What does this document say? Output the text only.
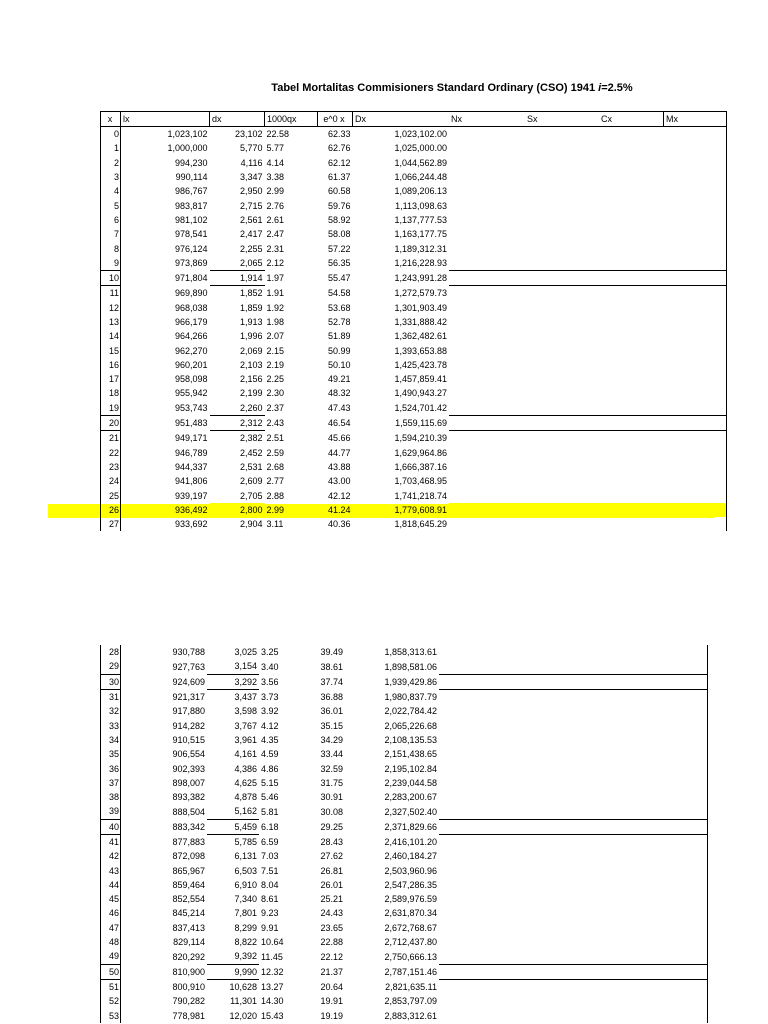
Tabel Mortalitas Commisioners Standard Ordinary (CSO) 1941 i=2.5%
x	lx	dx	1000qx	e^0 x	Dx	Nx	Sx	Cx	Mx
0	1,023,102	23,102	22.58	62.33	1,023,102.00				
1	1,000,000	5,770	5.77	62.76	1,025,000.00				
2	994,230	4,116	4.14	62.12	1,044,562.89				
3	990,114	3,347	3.38	61.37	1,066,244.48				
4	986,767	2,950	2.99	60.58	1,089,206.13				
5	983,817	2,715	2.76	59.76	1,113,098.63				
6	981,102	2,561	2.61	58.92	1,137,777.53				
7	978,541	2,417	2.47	58.08	1,163,177.75				
8	976,124	2,255	2.31	57.22	1,189,312.31				
9	973,869	2,065	2.12	56.35	1,216,228.93				
10	971,804	1,914	1.97	55.47	1,243,991.28				
11	969,890	1,852	1.91	54.58	1,272,579.73				
12	968,038	1,859	1.92	53.68	1,301,903.49				
13	966,179	1,913	1.98	52.78	1,331,888.42				
14	964,266	1,996	2.07	51.89	1,362,482.61				
15	962,270	2,069	2.15	50.99	1,393,653.88				
16	960,201	2,103	2.19	50.10	1,425,423.78				
17	958,098	2,156	2.25	49.21	1,457,859.41				
18	955,942	2,199	2.30	48.32	1,490,943.27				
19	953,743	2,260	2.37	47.43	1,524,701.42				
20	951,483	2,312	2.43	46.54	1,559,115.69				
21	949,171	2,382	2.51	45.66	1,594,210.39				
22	946,789	2,452	2.59	44.77	1,629,964.86				
23	944,337	2,531	2.68	43.88	1,666,387.16				
24	941,806	2,609	2.77	43.00	1,703,468.95				
25	939,197	2,705	2.88	42.12	1,741,218.74				
26	936,492	2,800	2.99	41.24	1,779,608.91				
27	933,692	2,904	3.11	40.36	1,818,645.29				
28	930,788	3,025	3.25	39.49	1,858,313.61				
29	927,763	3,154	3.40	38.61	1,898,581.06				
30	924,609	3,292	3.56	37.74	1,939,429.86				
31	921,317	3,437	3.73	36.88	1,980,837.79				
32	917,880	3,598	3.92	36.01	2,022,784.42				
33	914,282	3,767	4.12	35.15	2,065,226.68				
34	910,515	3,961	4.35	34.29	2,108,135.53				
35	906,554	4,161	4.59	33.44	2,151,438.65				
36	902,393	4,386	4.86	32.59	2,195,102.84				
37	898,007	4,625	5.15	31.75	2,239,044.58				
38	893,382	4,878	5.46	30.91	2,283,200.67				
39	888,504	5,162	5.81	30.08	2,327,502.40				
40	883,342	5,459	6.18	29.25	2,371,829.66				
41	877,883	5,785	6.59	28.43	2,416,101.20				
42	872,098	6,131	7.03	27.62	2,460,184.27				
43	865,967	6,503	7.51	26.81	2,503,960.96				
44	859,464	6,910	8.04	26.01	2,547,286.35				
45	852,554	7,340	8.61	25.21	2,589,976.59				
46	845,214	7,801	9.23	24.43	2,631,870.34				
47	837,413	8,299	9.91	23.65	2,672,768.67				
48	829,114	8,822	10.64	22.88	2,712,437.80				
49	820,292	9,392	11.45	22.12	2,750,666.13				
50	810,900	9,990	12.32	21.37	2,787,151.46				
51	800,910	10,628	13.27	20.64	2,821,635.11				
52	790,282	11,301	14.30	19.91	2,853,797.09				
53	778,981	12,020	15.43	19.19	2,883,312.61				
